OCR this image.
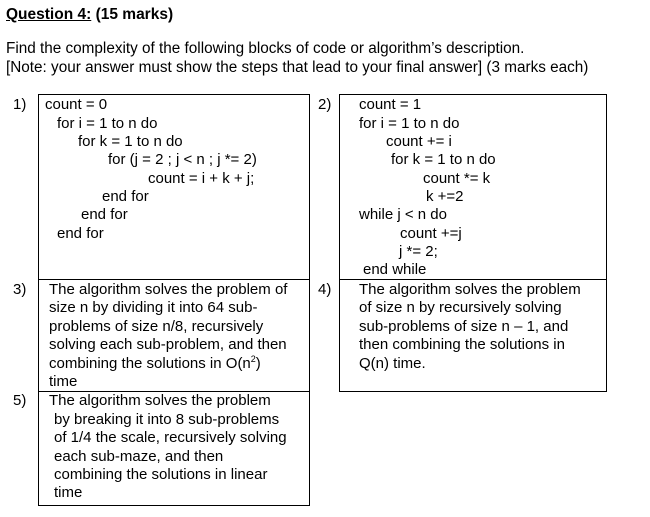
Question 4: (15 marks)
Find the complexity of the following blocks of code or algorithm’s description.
[Note: your answer must show the steps that lead to your final answer] (3 marks each)
1)	2)
3)	4)
5)
count = 0
for i = 1 to n do
for k = 1 to n do
for (j = 2 ; j < n ; j *= 2)
count = i + k + j;
end for
end for
end for
count = 1
for i = 1 to n do
count += i
for k = 1 to n do
count *= k
k +=2
while j < n do
count +=j
j *= 2;
end while
The algorithm solves the problem of
size n by dividing it into 64 sub-
problems of size n/8, recursively
solving each sub-problem, and then
combining the solutions in $O(n^2)$
time
The algorithm solves the problem
of size n by recursively solving
sub-problems of size n – 1, and
then combining the solutions in
Q(n) time.
The algorithm solves the problem
by breaking it into 8 sub-problems
of 1/4 the scale, recursively solving
each sub-maze, and then
combining the solutions in linear
time
